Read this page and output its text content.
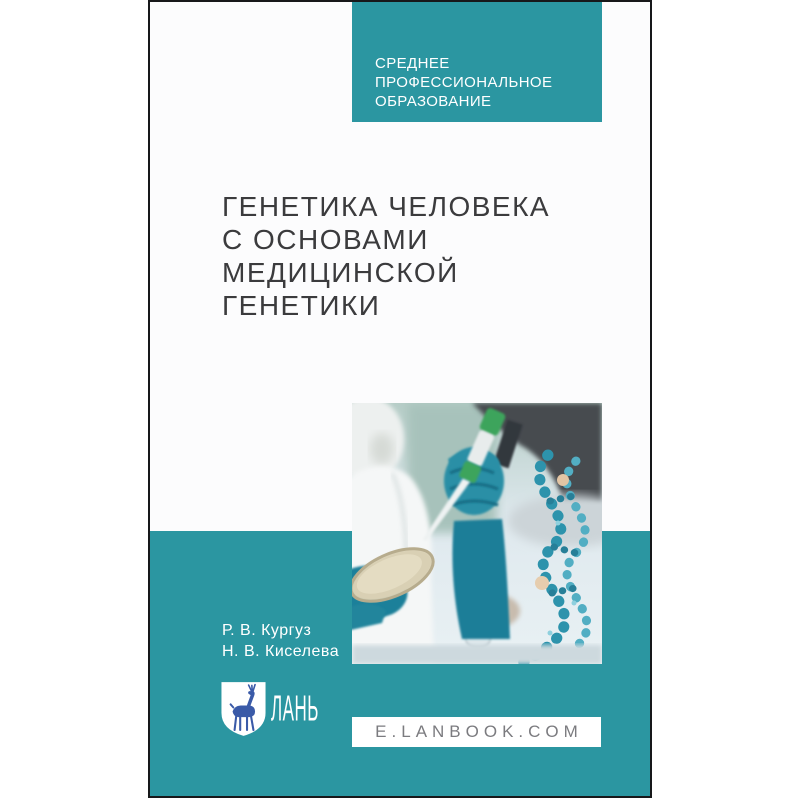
СРЕДНЕЕ
ПРОФЕССИОНАЛЬНОЕ
ОБРАЗОВАНИЕ
ГЕНЕТИКА ЧЕЛОВЕКА
С ОСНОВАМИ
МЕДИЦИНСКОЙ ГЕНЕТИКИ
Р. В. Кургуз
Н. В. Киселева
ЛАНЬ
E.LANBOOK.COM
